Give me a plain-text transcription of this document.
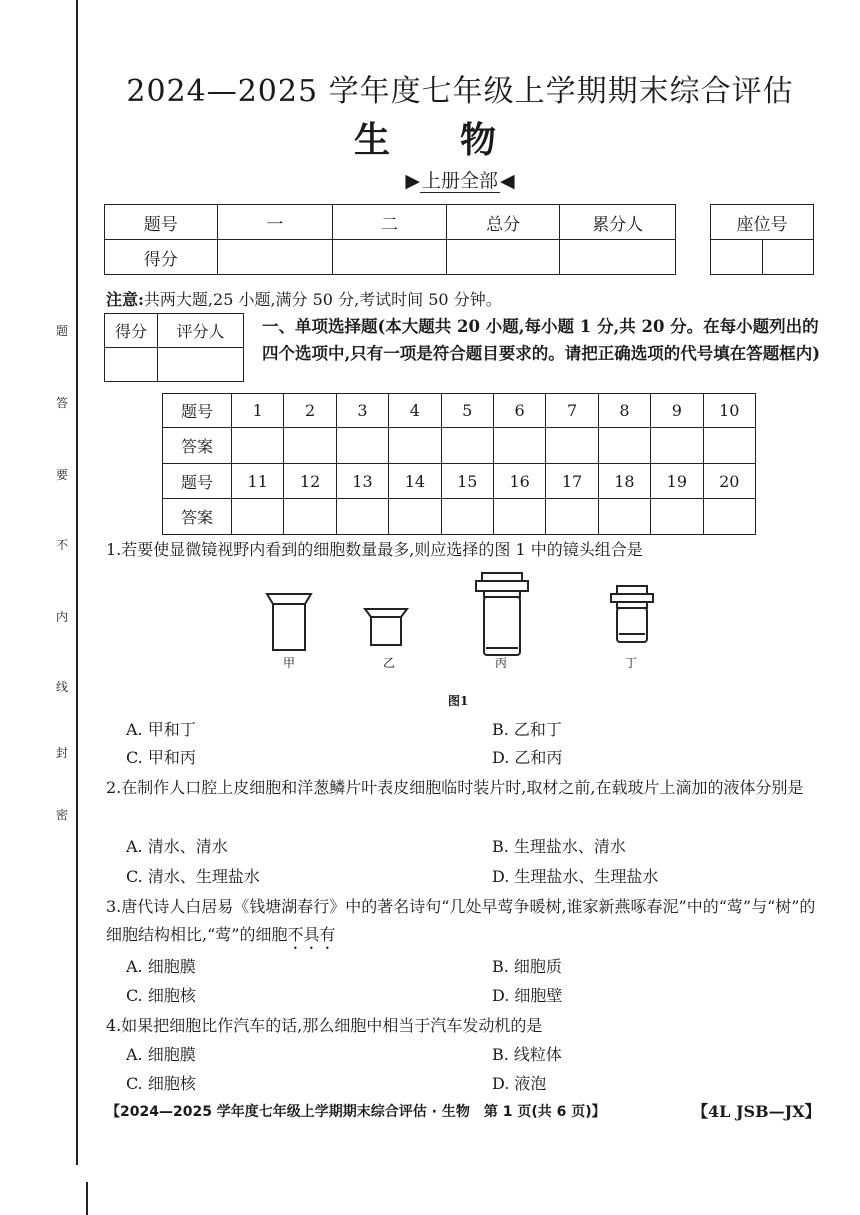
题
答
要
不
内
线
封
密
2024—2025 学年度七年级上学期期末综合评估
生物
▶ 上册全部 ◀
题号	一	二	总分	累分人
得分				
座位号

注意:共两大题,25 小题,满分 50 分,考试时间 50 分钟。
得分	评分人
	一、单项选择题(本大题共 20 小题,每小题 1 分,共 20 分。在每小题列出的四个选项中,只有一项是符合题目要求的。请把正确选项的代号填在答题框内)
题号	1	2	3	4	5	6	7	8	9	10
答案										
题号	11	12	13	14	15	16	17	18	19	20
答案										
1.若要使显微镜视野内看到的细胞数量最多,则应选择的图 1 中的镜头组合是
甲	乙	丙	丁
图1
A. 甲和丁	B. 乙和丁
C. 甲和丙	D. 乙和丙
2.在制作人口腔上皮细胞和洋葱鳞片叶表皮细胞临时装片时,取材之前,在载玻片上滴加的液体分别是
A. 清水、清水	B. 生理盐水、清水
C. 清水、生理盐水	D. 生理盐水、生理盐水
3.唐代诗人白居易《钱塘湖春行》中的著名诗句“几处早莺争暖树,谁家新燕啄春泥”中的“莺”与“树”的细胞结构相比,“莺”的细胞不具有
A. 细胞膜	B. 细胞质
C. 细胞核	D. 细胞壁
4.如果把细胞比作汽车的话,那么细胞中相当于汽车发动机的是
A. 细胞膜	B. 线粒体
C. 细胞核	D. 液泡
【2024—2025 学年度七年级上学期期末综合评估 · 生物　第 1 页(共 6 页)】	【4L JSB—JX】
